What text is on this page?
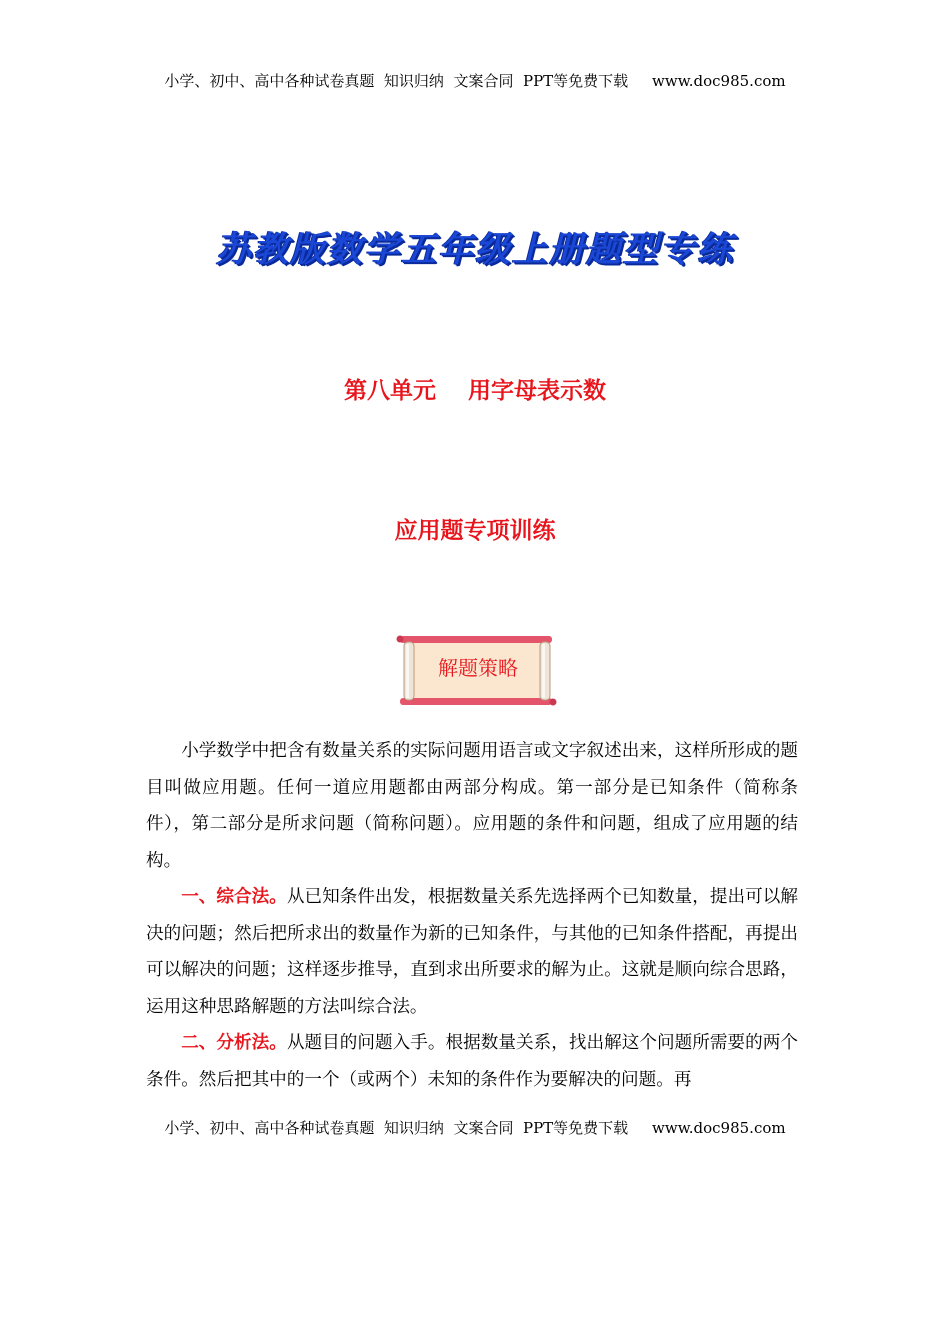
小学、初中、高中各种试卷真题  知识归纳  文案合同  PPT等免费下载     www.doc985.com
苏教版数学五年级上册题型专练
第八单元    用字母表示数
应用题专项训练
解题策略

小学数学中把含有数量关系的实际问题用语言或文字叙述出来，这样所形成的题目叫做应用题。任何一道应用题都由两部分构成。第一部分是已知条件（简称条件），第二部分是所求问题（简称问题）。应用题的条件和问题，组成了应用题的结构。

一、综合法。从已知条件出发，根据数量关系先选择两个已知数量，提出可以解决的问题；然后把所求出的数量作为新的已知条件，与其他的已知条件搭配，再提出可以解决的问题；这样逐步推导，直到求出所要求的解为止。这就是顺向综合思路，运用这种思路解题的方法叫综合法。

二、分析法。从题目的问题入手。根据数量关系，找出解这个问题所需要的两个条件。然后把其中的一个（或两个）未知的条件作为要解决的问题。再

小学、初中、高中各种试卷真题  知识归纳  文案合同  PPT等免费下载     www.doc985.com
